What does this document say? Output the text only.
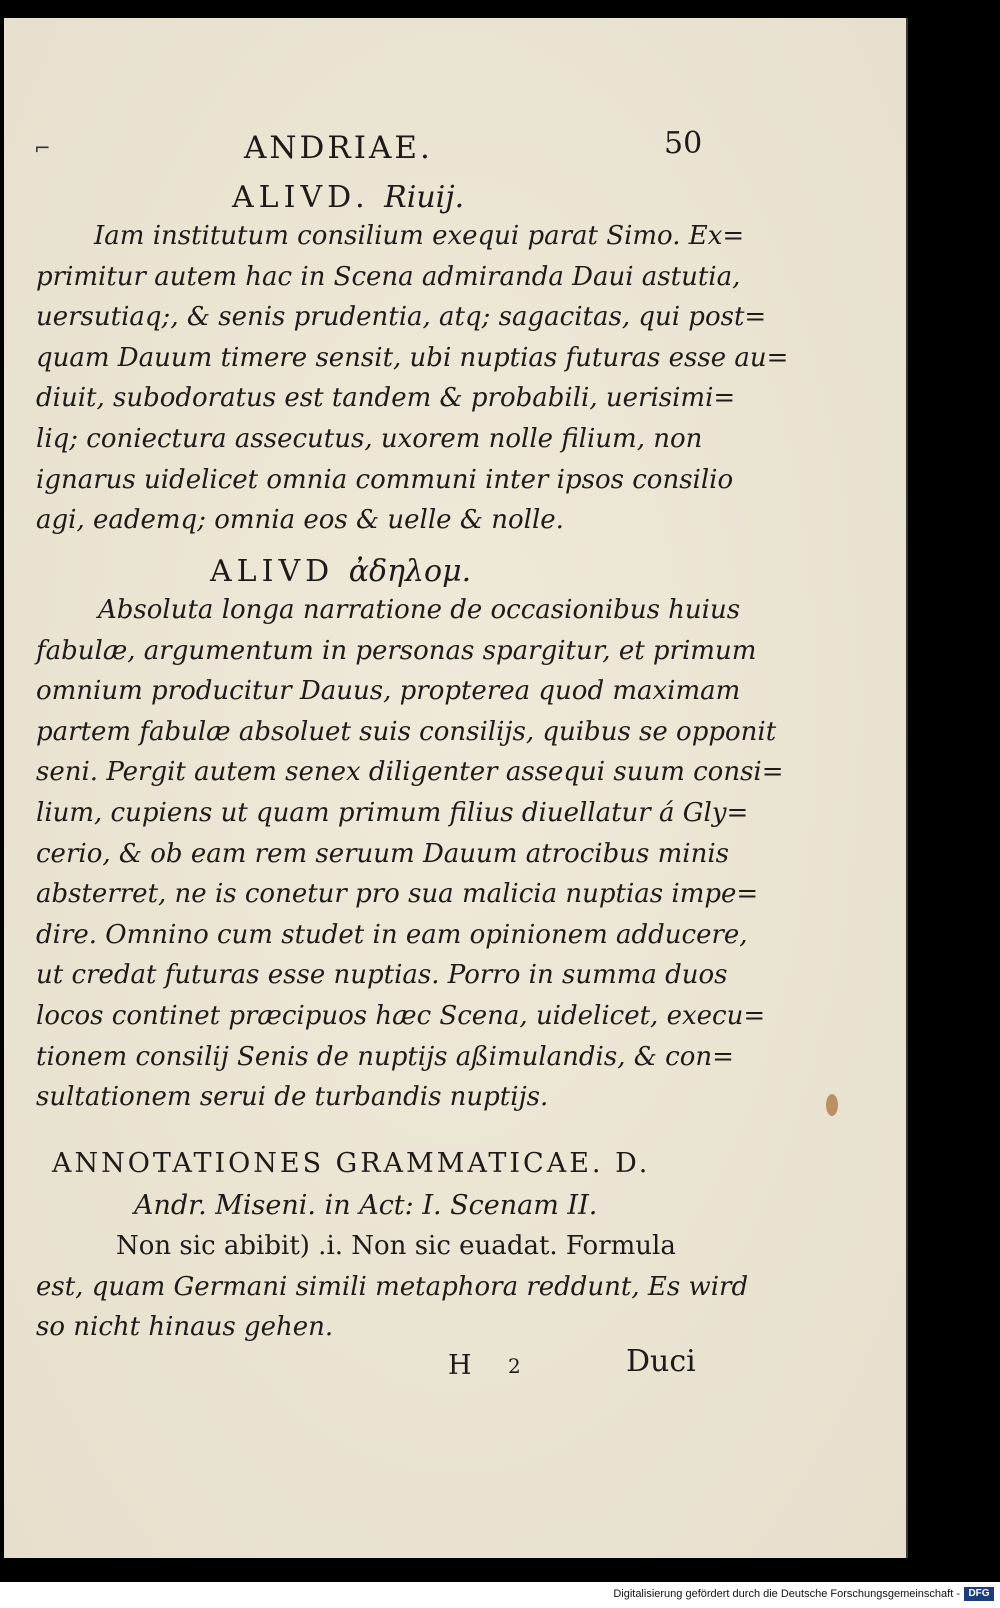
⌐	ANDRIAE.	50
ALIVD. Riuij.

Iam institutum consilium exequi parat Simo. Ex=
primitur autem hac in Scena admiranda Daui astutia,
uersutiaq;, & senis prudentia, atq; sagacitas, qui post=
quam Dauum timere sensit, ubi nuptias futuras esse au=
diuit, subodoratus est tandem & probabili, uerisimi=
liq; coniectura assecutus, uxorem nolle filium, non
ignarus uidelicet omnia communi inter ipsos consilio
agi, eademq; omnia eos & uelle & nolle.

ALIVD ἀδηλομ.

Absoluta longa narratione de occasionibus huius
fabulæ, argumentum in personas spargitur, et primum
omnium producitur Dauus, propterea quod maximam
partem fabulæ absoluet suis consilijs, quibus se opponit
seni. Pergit autem senex diligenter assequi suum consi=
lium, cupiens ut quam primum filius diuellatur á Gly=
cerio, & ob eam rem seruum Dauum atrocibus minis
absterret, ne is conetur pro sua malicia nuptias impe=
dire. Omnino cum studet in eam opinionem adducere,
ut credat futuras esse nuptias. Porro in summa duos
locos continet præcipuos hæc Scena, uidelicet, execu=
tionem consilij Senis de nuptijs aßimulandis, & con=
sultationem serui de turbandis nuptijs.

ANNOTATIONES GRAMMATICAE. D.
Andr. Miseni. in Act: I. Scenam II.

Non sic abibit) .i. Non sic euadat. Formula
est, quam Germani simili metaphora reddunt, Es wird
so nicht hinaus gehen.

H 2	Duci
Digitalisierung gefördert durch die Deutsche Forschungsgemeinschaft - DFG
